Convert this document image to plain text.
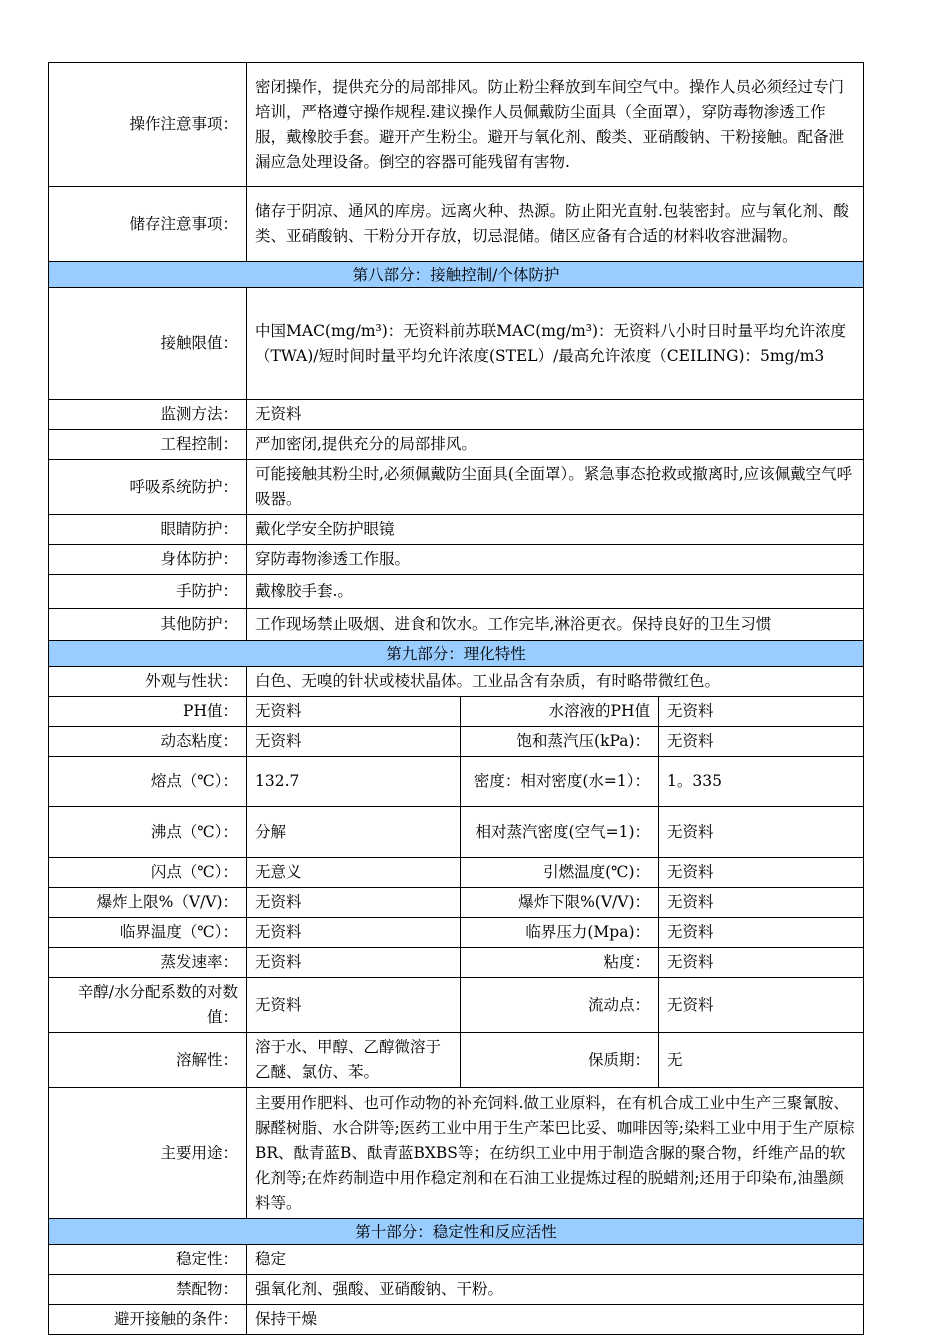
操作注意事项：	密闭操作，提供充分的局部排风。防止粉尘释放到车间空气中。操作人员必须经过专门培训，严格遵守操作规程.建议操作人员佩戴防尘面具（全面罩），穿防毒物渗透工作服，戴橡胶手套。避开产生粉尘。避开与氧化剂、酸类、亚硝酸钠、干粉接触。配备泄漏应急处理设备。倒空的容器可能残留有害物.		
储存注意事项：	储存于阴凉、通风的库房。远离火种、热源。防止阳光直射.包装密封。应与氧化剂、酸类、亚硝酸钠、干粉分开存放，切忌混储。储区应备有合适的材料收容泄漏物。		
第八部分：接触控制/个体防护			
接触限值：	中国MAC(mg/m³)：无资料前苏联MAC(mg/m³)：无资料八小时日时量平均允许浓度（TWA)/短时间时量平均允许浓度(STEL）/最高允许浓度（CEILING)：5mg/m3		
监测方法：	无资料		
工程控制：	严加密闭,提供充分的局部排风。		
呼吸系统防护：	可能接触其粉尘时,必须佩戴防尘面具(全面罩）。紧急事态抢救或撤离时,应该佩戴空气呼吸器。		
眼睛防护：	戴化学安全防护眼镜		
身体防护：	穿防毒物渗透工作服。		
手防护：	戴橡胶手套.。		
其他防护：	工作现场禁止吸烟、进食和饮水。工作完毕,淋浴更衣。保持良好的卫生习惯		
第九部分：理化特性			
外观与性状：	白色、无嗅的针状或棱状晶体。工业品含有杂质，有时略带微红色。		
PH值：	无资料	水溶液的PH值	无资料
动态粘度：	无资料	饱和蒸汽压(kPa)：	无资料
熔点（℃）：	132.7	密度：相对密度(水=1）：	1。335
沸点（℃）：	分解	相对蒸汽密度(空气=1)：	无资料
闪点（℃）：	无意义	引燃温度(℃)：	无资料
爆炸上限%（V/V)：	无资料	爆炸下限%(V/V)：	无资料
临界温度（℃）：	无资料	临界压力(Mpa)：	无资料
蒸发速率：	无资料	粘度：	无资料
辛醇/水分配系数的对数值：	无资料	流动点：	无资料
溶解性：	溶于水、甲醇、乙醇微溶于乙醚、氯仿、苯。	保质期：	无
主要用途：	主要用作肥料、也可作动物的补充饲料.做工业原料，在有机合成工业中生产三聚氰胺、脲醛树脂、水合阱等;医药工业中用于生产苯巴比妥、咖啡因等;染料工业中用于生产原棕BR、酞青蓝B、酞青蓝BXBS等；在纺织工业中用于制造含脲的聚合物，纤维产品的软化剂等;在炸药制造中用作稳定剂和在石油工业提炼过程的脱蜡剂;还用于印染布,油墨颜料等。		
第十部分：稳定性和反应活性			
稳定性：	稳定		
禁配物：	强氧化剂、强酸、亚硝酸钠、干粉。		
避开接触的条件：	保持干燥		
